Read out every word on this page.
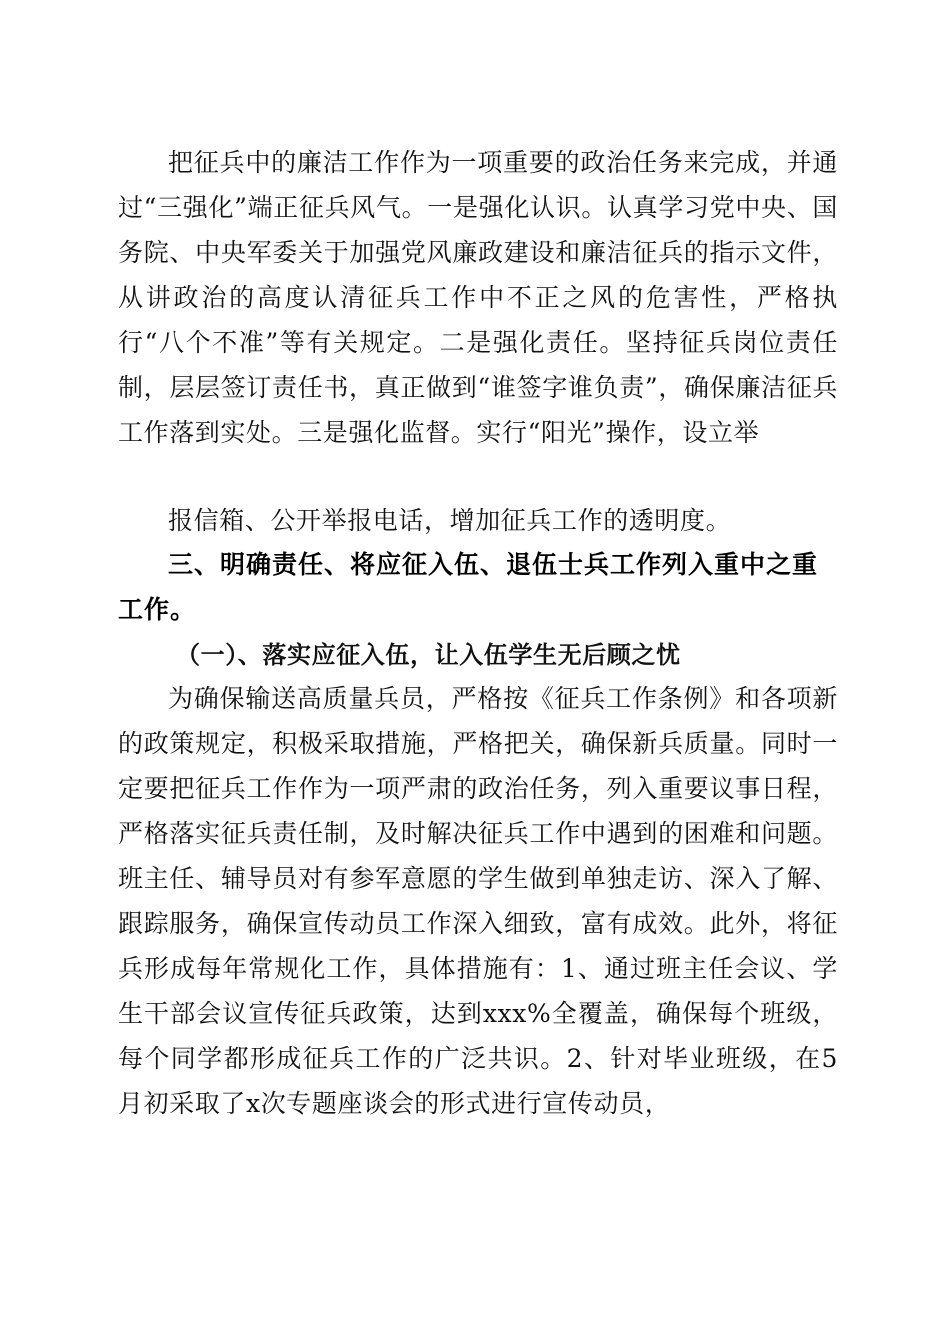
把征兵中的廉洁工作作为一项重要的政治任务来完成，并通过“三强化”端正征兵风气。一是强化认识。认真学习党中央、国务院、中央军委关于加强党风廉政建设和廉洁征兵的指示文件，从讲政治的高度认清征兵工作中不正之风的危害性，严格执行“八个不准”等有关规定。二是强化责任。坚持征兵岗位责任制，层层签订责任书，真正做到“谁签字谁负责”，确保廉洁征兵工作落到实处。三是强化监督。实行“阳光”操作，设立举

报信箱、公开举报电话，增加征兵工作的透明度。

三、明确责任、将应征入伍、退伍士兵工作列入重中之重工作。
（一）、落实应征入伍，让入伍学生无后顾之忧

为确保输送高质量兵员，严格按《征兵工作条例》和各项新的政策规定，积极采取措施，严格把关，确保新兵质量。同时一定要把征兵工作作为一项严肃的政治任务，列入重要议事日程，严格落实征兵责任制，及时解决征兵工作中遇到的困难和问题。班主任、辅导员对有参军意愿的学生做到单独走访、深入了解、跟踪服务，确保宣传动员工作深入细致，富有成效。此外，将征兵形成每年常规化工作，具体措施有：1、通过班主任会议、学生干部会议宣传征兵政策，达到xxx%全覆盖，确保每个班级，每个同学都形成征兵工作的广泛共识。2、针对毕业班级，在5月初采取了x次专题座谈会的形式进行宣传动员，
